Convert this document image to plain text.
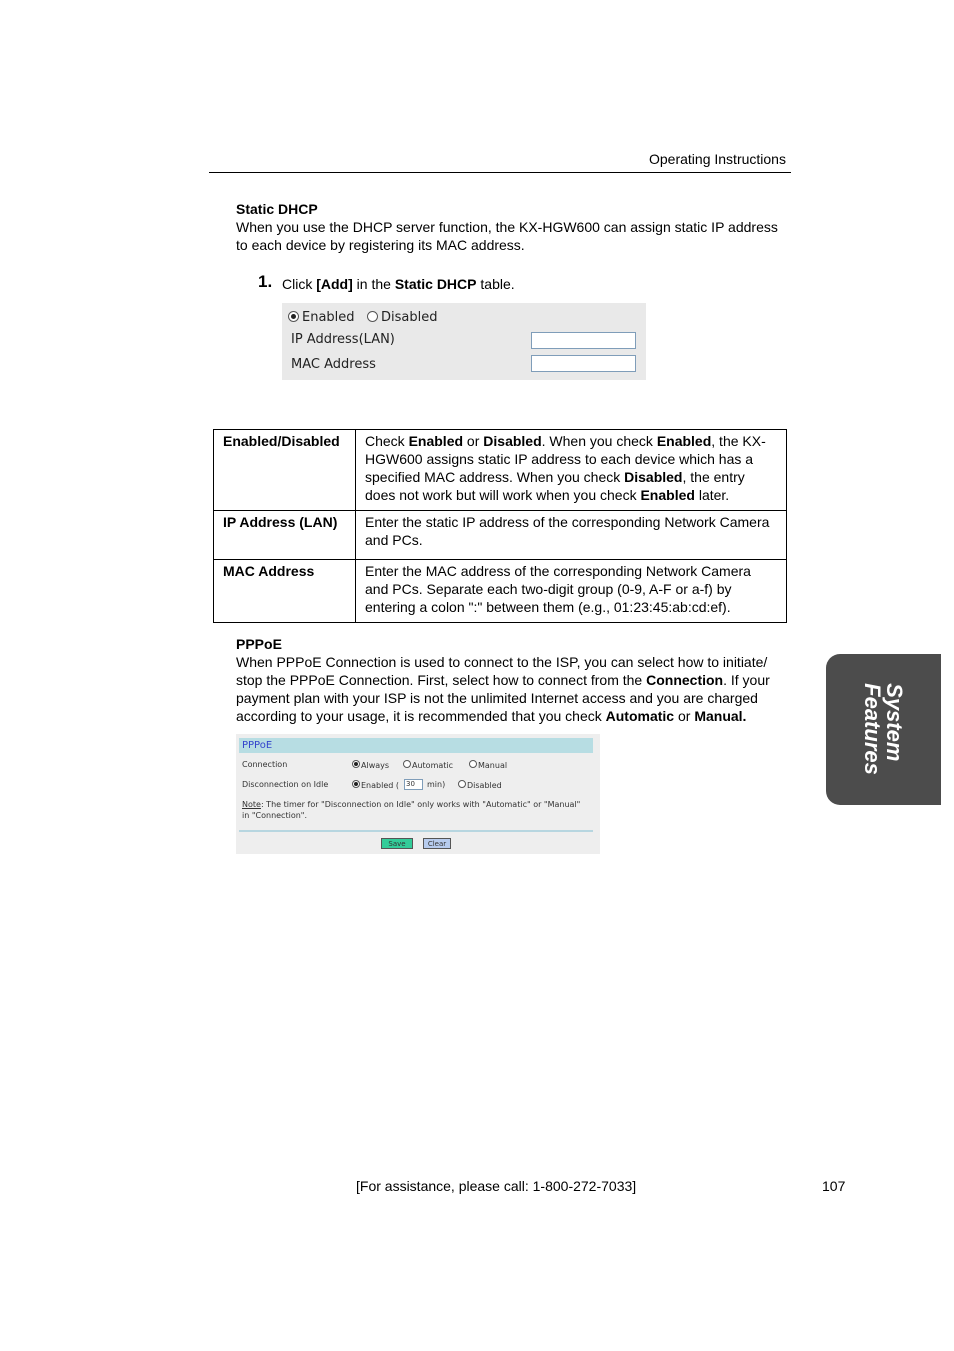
Operating Instructions
Static DHCP
When you use the DHCP server function, the KX-HGW600 can assign static IP address to each device by registering its MAC address.
1. Click [Add] in the Static DHCP table.
Enabled	Disabled
IP Address(LAN)
MAC Address
Enabled/Disabled	Check Enabled or Disabled. When you check Enabled, the KX-HGW600 assigns static IP address to each device which has a specified MAC address. When you check Disabled, the entry does not work but will work when you check Enabled later.
IP Address (LAN)	Enter the static IP address of the corresponding Network Camera and PCs.
MAC Address	Enter the MAC address of the corresponding Network Camera and PCs. Separate each two-digit group (0-9, A-F or a-f) by entering a colon ":" between them (e.g., 01:23:45:ab:cd:ef).
PPPoE
When PPPoE Connection is used to connect to the ISP, you can select how to initiate/ stop the PPPoE Connection. First, select how to connect from the Connection. If your payment plan with your ISP is not the unlimited Internet access and you are charged according to your usage, it is recommended that you check Automatic or Manual.
PPPoE
Connection	Always	Automatic	Manual
Disconnection on Idle	Enabled ( 30	min)	Disabled
Note: The timer for "Disconnection on Idle" only works with "Automatic" or "Manual" in "Connection".
Save	Clear
System
Features
[For assistance, please call: 1-800-272-7033]	107
